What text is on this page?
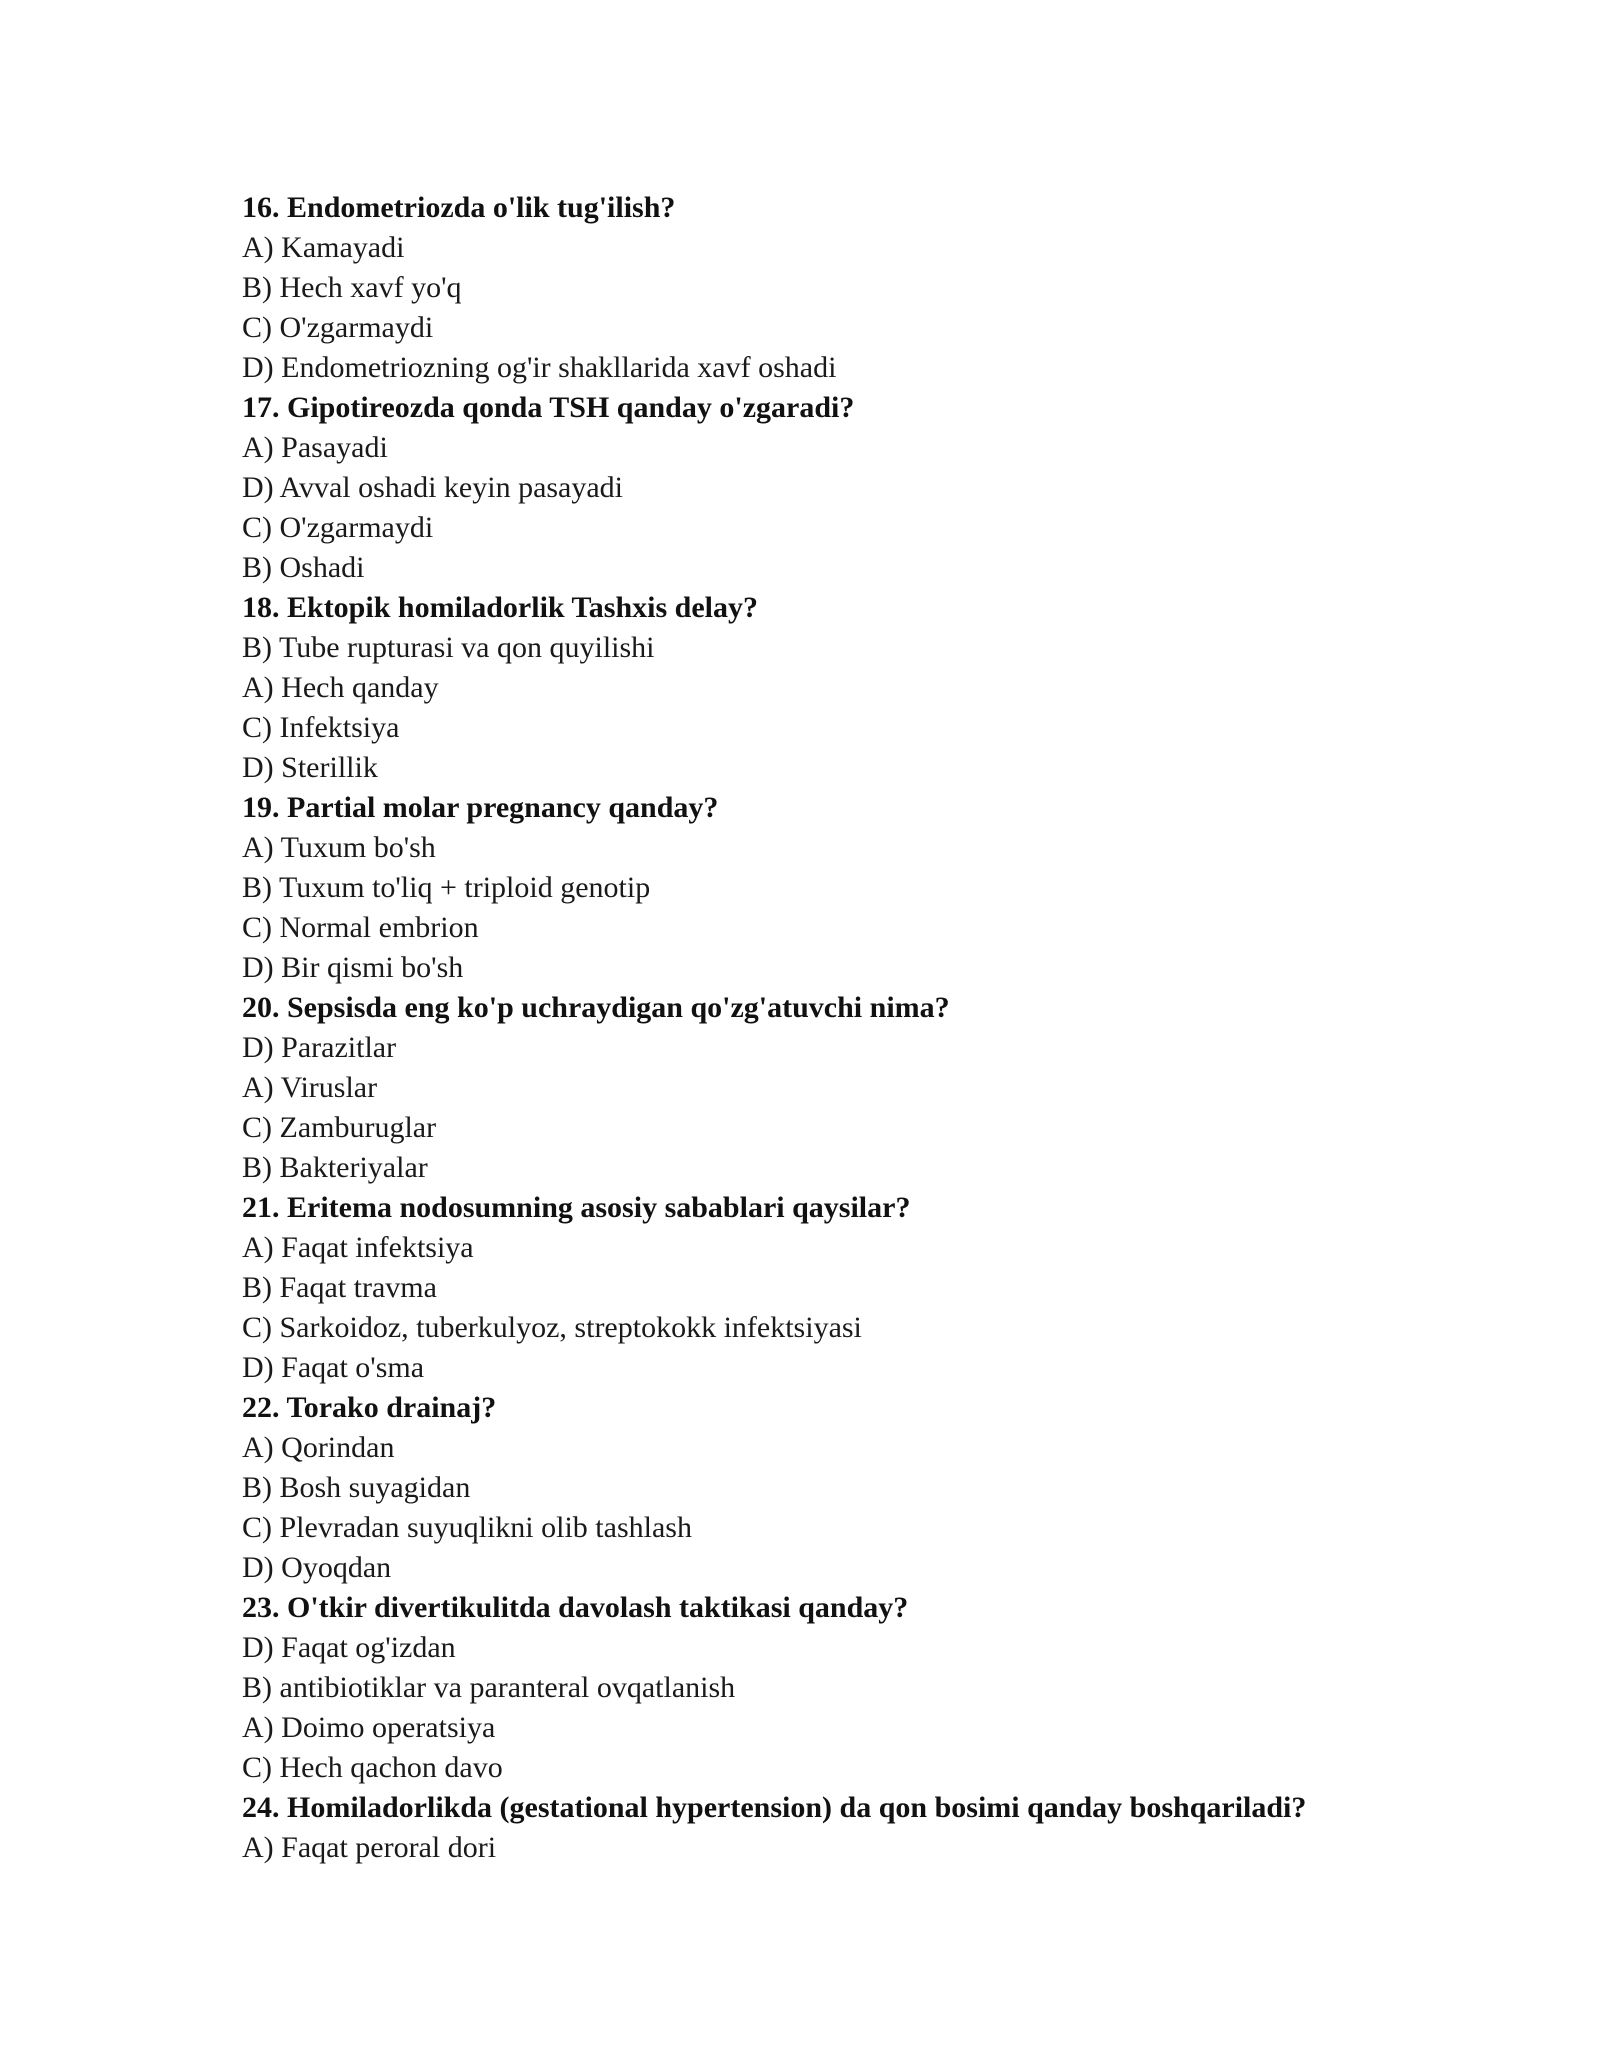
16. Endometriozda o'lik tug'ilish?
A) Kamayadi
B) Hech xavf yo'q
C) O'zgarmaydi
D) Endometriozning og'ir shakllarida xavf oshadi
17. Gipotireozda qonda TSH qanday o'zgaradi?
A) Pasayadi
D) Avval oshadi keyin pasayadi
C) O'zgarmaydi
B) Oshadi
18. Ektopik homiladorlik Tashxis delay?
B) Tube rupturasi va qon quyilishi
A) Hech qanday
C) Infektsiya
D) Sterillik
19. Partial molar pregnancy qanday?
A) Tuxum bo'sh
B) Tuxum to'liq + triploid genotip
C) Normal embrion
D) Bir qismi bo'sh
20. Sepsisda eng ko'p uchraydigan qo'zg'atuvchi nima?
D) Parazitlar
A) Viruslar
C) Zamburuglar
B) Bakteriyalar
21. Eritema nodosumning asosiy sabablari qaysilar?
A) Faqat infektsiya
B) Faqat travma
C) Sarkoidoz, tuberkulyoz, streptokokk infektsiyasi
D) Faqat o'sma
22. Torako drainaj?
A) Qorindan
B) Bosh suyagidan
C) Plevradan suyuqlikni olib tashlash
D) Oyoqdan
23. O'tkir divertikulitda davolash taktikasi qanday?
D) Faqat og'izdan
B) antibiotiklar va paranteral ovqatlanish
A) Doimo operatsiya
C) Hech qachon davo
24. Homiladorlikda (gestational hypertension) da qon bosimi qanday boshqariladi?
A) Faqat peroral dori
